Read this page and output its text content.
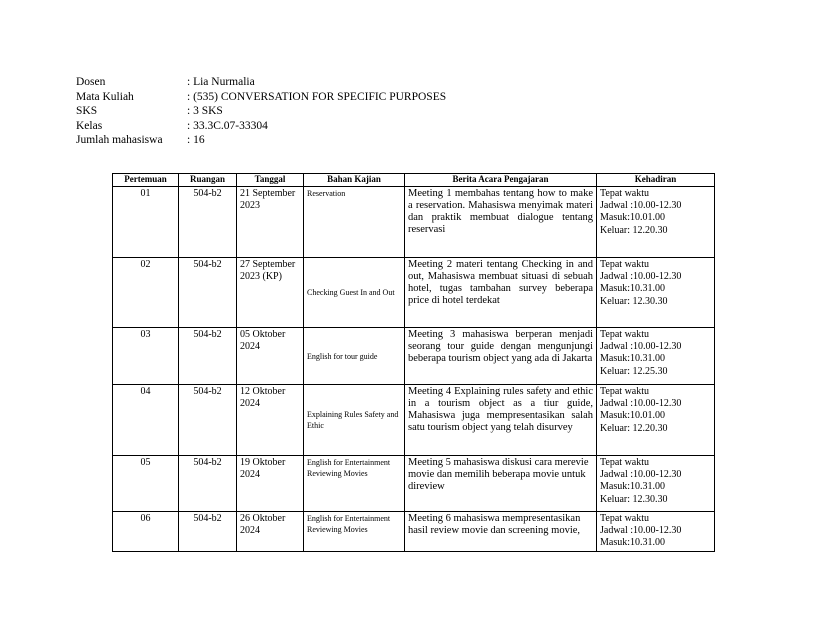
Dosen	: Lia Nurmalia
Mata Kuliah	: (535) CONVERSATION FOR SPECIFIC PURPOSES
SKS	: 3 SKS
Kelas	: 33.3C.07-33304
Jumlah mahasiswa	: 16
Pertemuan	Ruangan	Tanggal	Bahan Kajian	Berita Acara Pengajaran	Kehadiran
01	504-b2	21 September 2023	Reservation	Meeting 1 membahas tentang how to make a reservation. Mahasiswa menyimak materi dan praktik membuat dialogue tentang reservasi	Tepat waktu
Jadwal :10.00-12.30
Masuk:10.01.00
Keluar: 12.20.30

02	504-b2	27 September 2023 (KP)	Checking Guest In and Out	Meeting 2 materi tentang Checking in and out, Mahasiswa membuat situasi di sebuah hotel, tugas tambahan survey beberapa price di hotel terdekat	Tepat waktu
Jadwal :10.00-12.30
Masuk:10.31.00
Keluar: 12.30.30

03	504-b2	05 Oktober 2024	English for tour guide	Meeting 3 mahasiswa berperan menjadi seorang tour guide dengan mengunjungi beberapa tourism object yang ada di Jakarta	Tepat waktu
Jadwal :10.00-12.30
Masuk:10.31.00
Keluar: 12.25.30

04	504-b2	12 Oktober 2024	Explaining Rules Safety and Ethic	Meeting 4 Explaining rules safety and ethic in a tourism object as a tiur guide, Mahasiswa juga mempresentasikan salah satu tourism object yang telah disurvey	Tepat waktu
Jadwal :10.00-12.30
Masuk:10.01.00
Keluar: 12.20.30

05	504-b2	19 Oktober 2024	English for Entertainment Reviewing Movies	Meeting 5 mahasiswa diskusi cara merevie movie dan memilih beberapa movie untuk direview	Tepat waktu
Jadwal :10.00-12.30
Masuk:10.31.00
Keluar: 12.30.30

06	504-b2	26 Oktober 2024	English for Entertainment Reviewing Movies	Meeting 6 mahasiswa mempresentasikan hasil review movie dan screening movie,	Tepat waktu
Jadwal :10.00-12.30
Masuk:10.31.00
